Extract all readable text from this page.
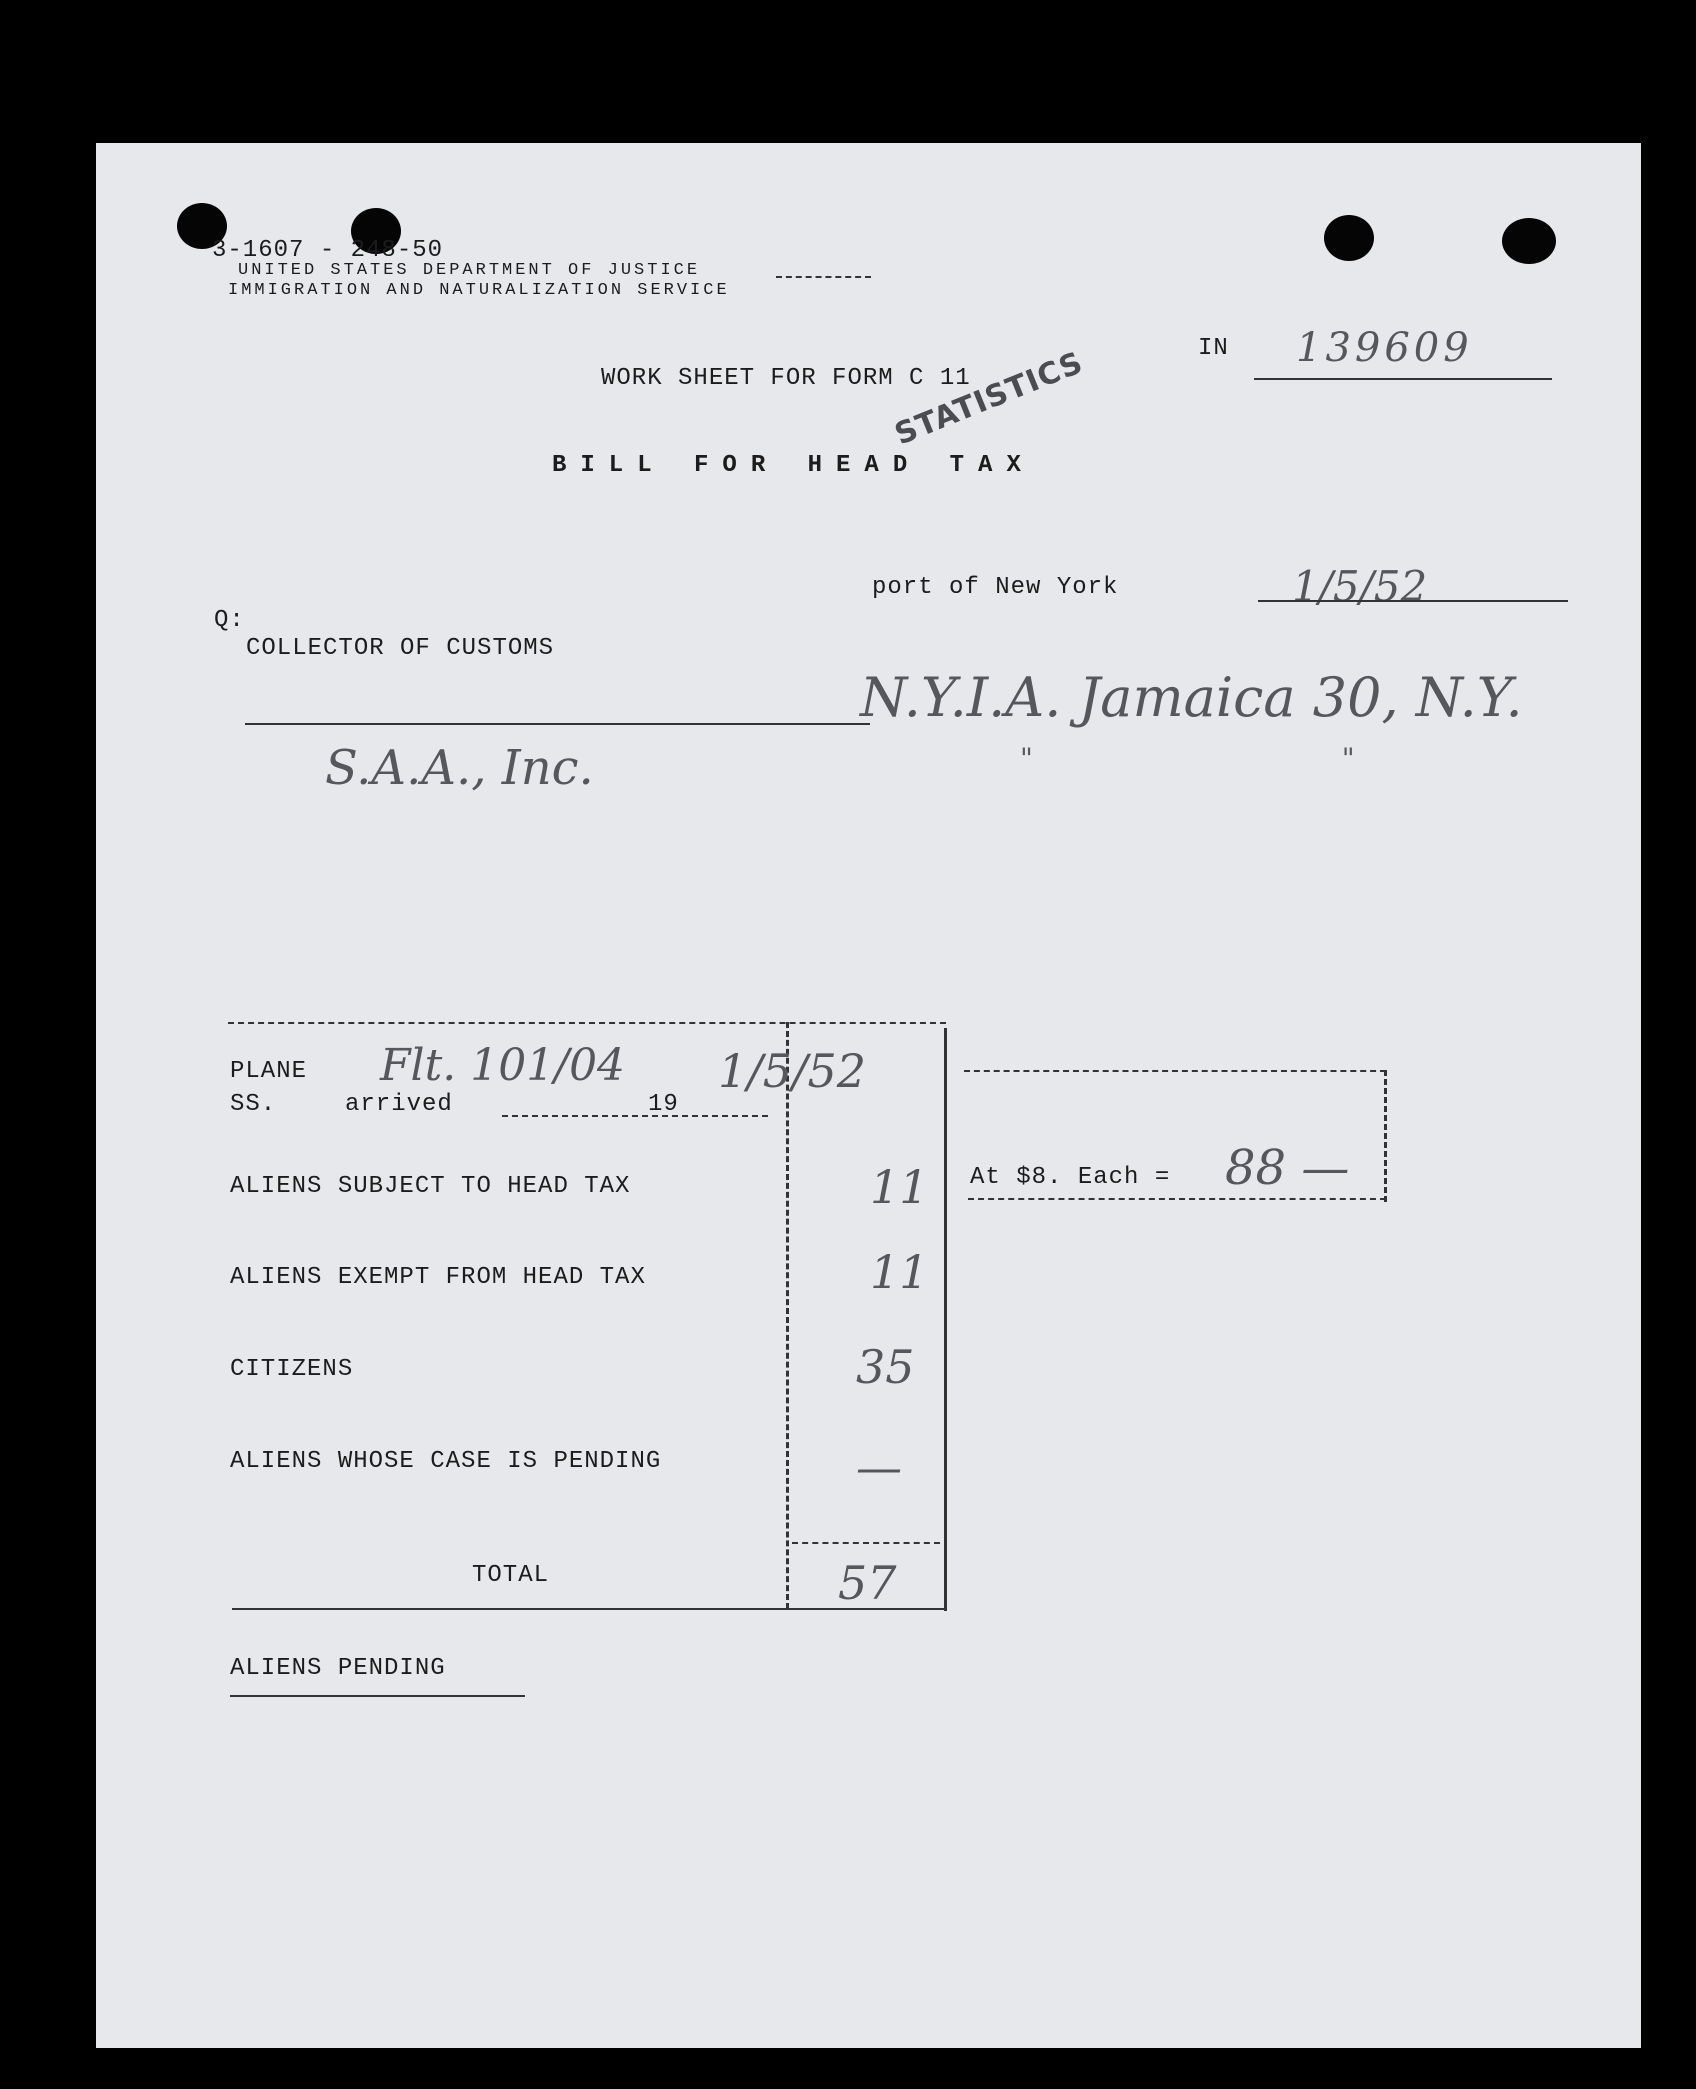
3-1607 - 248-50
UNITED STATES DEPARTMENT OF JUSTICE
IMMIGRATION AND NATURALIZATION SERVICE
IN 139609
WORK SHEET FOR FORM C 11
STATISTICS
BILL FOR HEAD TAX
port of New York	1/5/52
Q:
COLLECTOR OF CUSTOMS
N.Y.I.A. Jamaica 30, N.Y.
" "
S.A.A., Inc.
PLANE
SS.	arrived	19
Flt. 101/04 1/5/52
ALIENS SUBJECT TO HEAD TAX	11
ALIENS EXEMPT FROM HEAD TAX	11
CITIZENS	35
ALIENS WHOSE CASE IS PENDING	—
TOTAL	57
At $8. Each = 88 —
ALIENS PENDING
